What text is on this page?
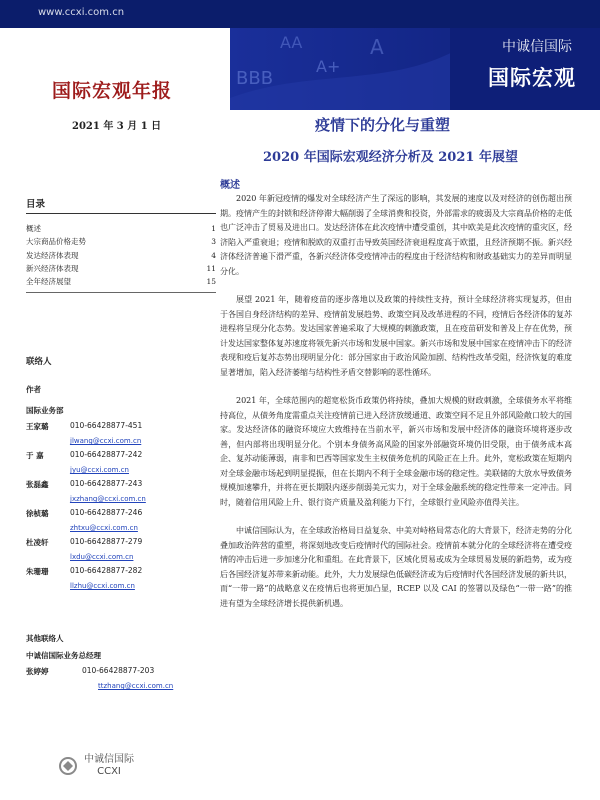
www.ccxi.com.cn
BBB
A+
AA	A	中诚信国际
国际宏观
国际宏观年报
2021 年 3 月 1 日	疫情下的分化与重塑
2020 年国际宏观经济分析及 2021 年展望
概述
目录
概述	1
大宗商品价格走势	3
发达经济体表现	4
新兴经济体表现	11
全年经济展望	15
联络人
作者
国际业务部
王家璐	010-66428877-451
jlwang@ccxi.com.cn
于 嘉	010-66428877-242
jyu@ccxi.com.cn
张磊鑫	010-66428877-243
jxzhang@ccxi.com.cn
徐桢璐	010-66428877-246
zhtxu@ccxi.com.cn
杜凌轩	010-66428877-279
lxdu@ccxi.com.cn
朱珊珊	010-66428877-282
llzhu@ccxi.com.cn
其他联络人
中诚信国际业务总经理
张婷婷	010-66428877-203
ttzhang@ccxi.com.cn
中诚信国际
CCXI

2020 年新冠疫情的爆发对全球经济产生了深远的影响，其发展的速度以及对经济的创伤超出预期。疫情产生的封锁和经济停滞大幅削弱了全球消费和投资，外部需求的疲弱及大宗商品价格的走低也广泛冲击了贸易及进出口。发达经济体在此次疫情中遭受重创，其中欧美是此次疫情的重灾区，经济陷入严重衰退；疫情和脱欧的双重打击导致英国经济衰退程度高于欧盟，且经济预期不振。新兴经济体经济普遍下滑严重，各新兴经济体受疫情冲击的程度由于经济结构和财政基础实力的差异而明显分化。

展望 2021 年，随着疫苗的逐步落地以及政策的持续性支持，预计全球经济将实现复苏，但由于各国自身经济结构的差异、疫情前发展趋势、政策空间及改革进程的不同，疫情后各经济体的复苏进程将呈现分化态势。发达国家普遍采取了大规模的刺激政策，且在疫苗研发和普及上存在优势，预计发达国家整体复苏速度将领先新兴市场和发展中国家。新兴市场和发展中国家在疫情冲击下的经济表现和疫后复苏态势出现明显分化：部分国家由于政治风险加剧、结构性改革受阻，经济恢复的难度显著增加，陷入经济萎缩与结构性矛盾交替影响的恶性循环。

2021 年，全球范围内的超宽松货币政策仍将持续，叠加大规模的财政刺激，全球债务水平将维持高位，从债务角度需重点关注疫情前已进入经济放缓通道、政策空间不足且外部风险敞口较大的国家。发达经济体的融资环境应大致维持在当前水平，新兴市场和发展中经济体的融资环境将逐步改善，但内部将出现明显分化。个别本身债务高风险的国家外部融资环境仍旧受限，由于债务成本高企、复苏动能薄弱，南非和巴西等国家发生主权债务危机的风险正在上升。此外，宽松政策在短期内对全球金融市场起到明显提振，但在长期内不利于全球金融市场的稳定性。美联储的大放水导致债务规模加速攀升，并将在更长期限内逐步削弱美元实力，对于全球金融系统的稳定性带来一定冲击。同时，随着信用风险上升、银行资产质量及盈利能力下行，全球银行业风险亦值得关注。

中诚信国际认为，在全球政治格局日益复杂、中美对峙格局常态化的大背景下，经济走势的分化叠加政治阵营的重塑，将深刻地改变后疫情时代的国际社会。疫情前本就分化的全球经济将在遭受疫情的冲击后进一步加速分化和重组。在此背景下，区域化贸易或成为全球贸易发展的新趋势，或为疫后各国经济复苏带来新动能。此外，大力发展绿色低碳经济或为后疫情时代各国经济发展的新共识，而“一带一路”的战略意义在疫情后也将更加凸显，RCEP 以及 CAI 的签署以及绿色“一带一路”的推进有望为全球经济增长提供新机遇。
